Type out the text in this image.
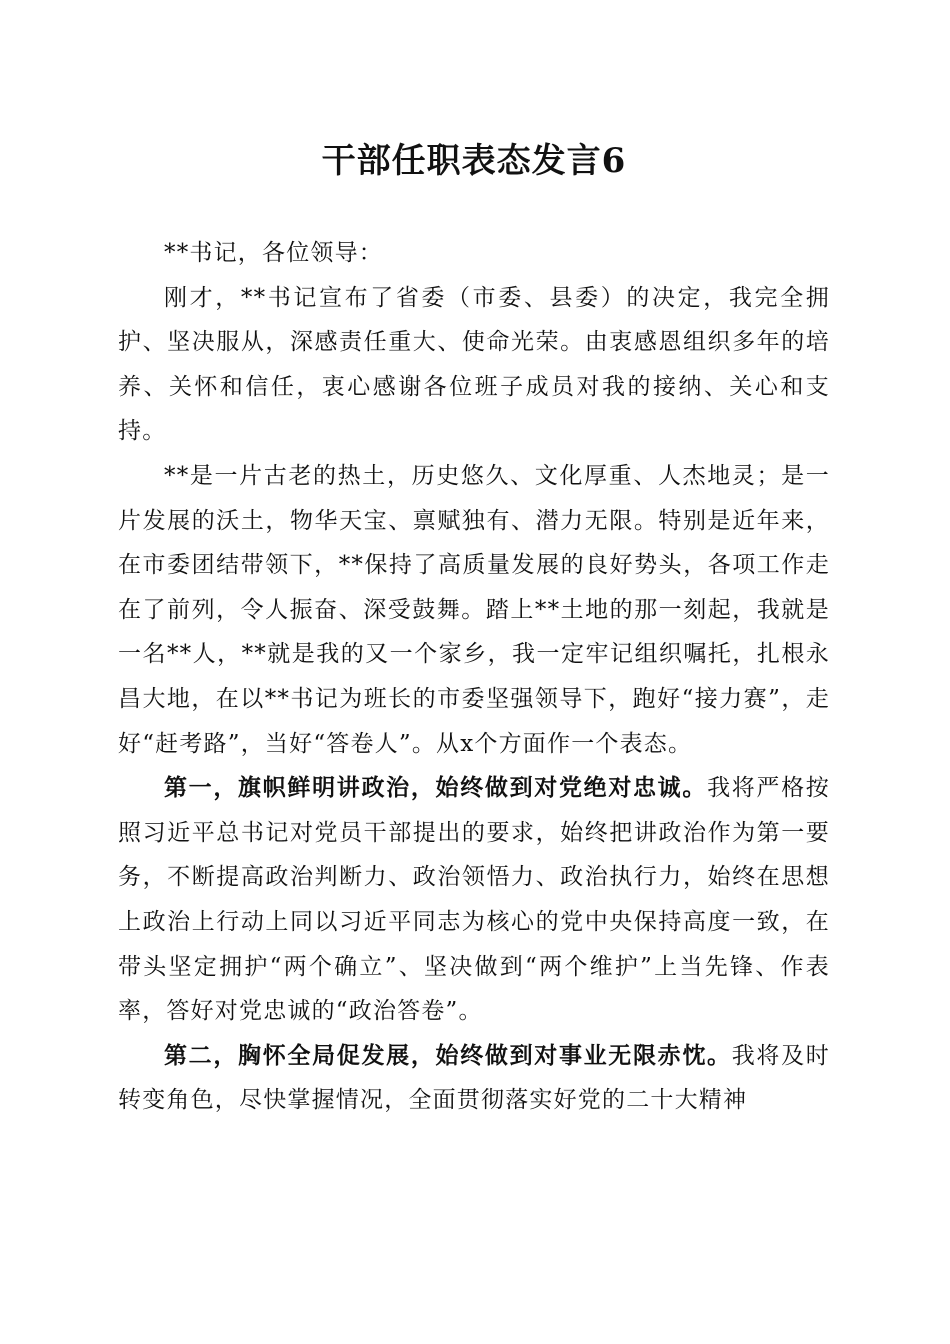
干部任职表态发言6

**书记，各位领导：

刚才，**书记宣布了省委（市委、县委）的决定，我完全拥护、坚决服从，深感责任重大、使命光荣。由衷感恩组织多年的培养、关怀和信任，衷心感谢各位班子成员对我的接纳、关心和支持。

**是一片古老的热土，历史悠久、文化厚重、人杰地灵；是一片发展的沃土，物华天宝、禀赋独有、潜力无限。特别是近年来，在市委团结带领下，**保持了高质量发展的良好势头，各项工作走在了前列，令人振奋、深受鼓舞。踏上**土地的那一刻起，我就是一名**人，**就是我的又一个家乡，我一定牢记组织嘱托，扎根永昌大地，在以**书记为班长的市委坚强领导下，跑好“接力赛”，走好“赶考路”，当好“答卷人”。从x个方面作一个表态。

第一，旗帜鲜明讲政治，始终做到对党绝对忠诚。我将严格按照习近平总书记对党员干部提出的要求，始终把讲政治作为第一要务，不断提高政治判断力、政治领悟力、政治执行力，始终在思想上政治上行动上同以习近平同志为核心的党中央保持高度一致，在带头坚定拥护“两个确立”、坚决做到“两个维护”上当先锋、作表率，答好对党忠诚的“政治答卷”。

第二，胸怀全局促发展，始终做到对事业无限赤忱。我将及时转变角色，尽快掌握情况，全面贯彻落实好党的二十大精神
